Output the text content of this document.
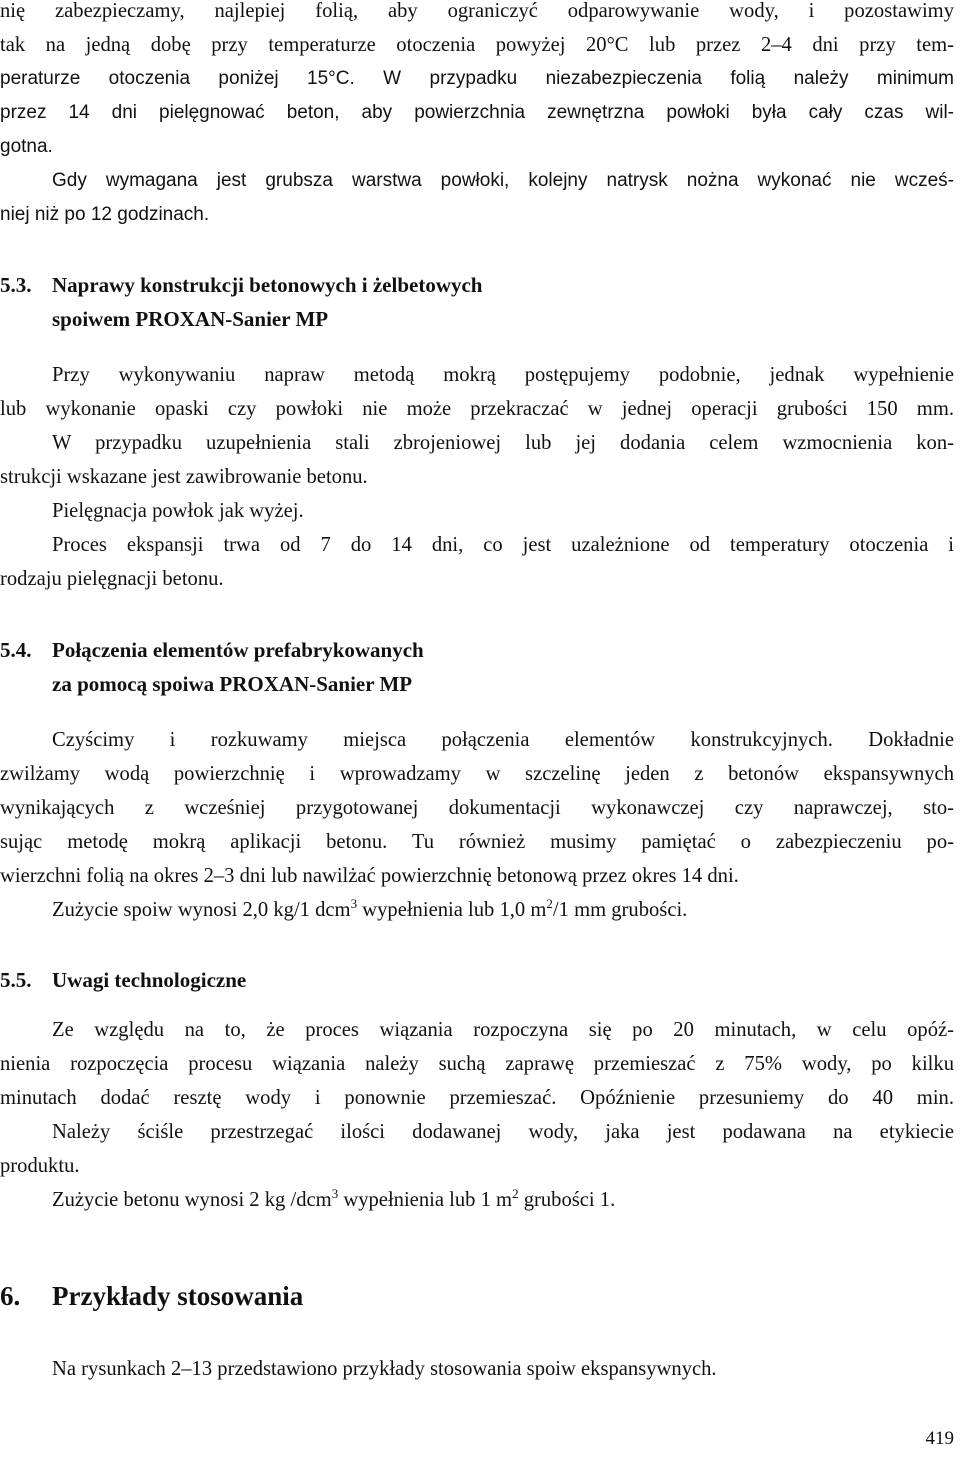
nię zabezpieczamy, najlepiej folią, aby ograniczyć odparowywanie wody, i pozostawimy
tak na jedną dobę przy temperaturze otoczenia powyżej 20°C lub przez 2–4 dni przy tem-
peraturze otoczenia poniżej 15°C. W przypadku niezabezpieczenia folią należy minimum
przez 14 dni pielęgnować beton, aby powierzchnia zewnętrzna powłoki była cały czas wil-
gotna.
Gdy wymagana jest grubsza warstwa powłoki, kolejny natrysk nożna wykonać nie wcześ-
niej niż po 12 godzinach.
5.3. Naprawy konstrukcji betonowych i żelbetowych
spoiwem PROXAN-Sanier MP
Przy wykonywaniu napraw metodą mokrą postępujemy podobnie, jednak wypełnienie
lub wykonanie opaski czy powłoki nie może przekraczać w jednej operacji grubości 150 mm.
W przypadku uzupełnienia stali zbrojeniowej lub jej dodania celem wzmocnienia kon-
strukcji wskazane jest zawibrowanie betonu.
Pielęgnacja powłok jak wyżej.
Proces ekspansji trwa od 7 do 14 dni, co jest uzależnione od temperatury otoczenia i
rodzaju pielęgnacji betonu.
5.4. Połączenia elementów prefabrykowanych
za pomocą spoiwa PROXAN-Sanier MP
Czyścimy i rozkuwamy miejsca połączenia elementów konstrukcyjnych. Dokładnie
zwilżamy wodą powierzchnię i wprowadzamy w szczelinę jeden z betonów ekspansywnych
wynikających z wcześniej przygotowanej dokumentacji wykonawczej czy naprawczej, sto-
sując metodę mokrą aplikacji betonu. Tu również musimy pamiętać o zabezpieczeniu po-
wierzchni folią na okres 2–3 dni lub nawilżać powierzchnię betonową przez okres 14 dni.
Zużycie spoiw wynosi 2,0 kg/1 dcm$^3$ wypełnienia lub 1,0 $m^2/1$ mm grubości.
5.5. Uwagi technologiczne
Ze względu na to, że proces wiązania rozpoczyna się po 20 minutach, w celu opóź-
nienia rozpoczęcia procesu wiązania należy suchą zaprawę przemieszać z 75% wody, po kilku
minutach dodać resztę wody i ponownie przemieszać. Opóźnienie przesuniemy do 40 min.
Należy ściśle przestrzegać ilości dodawanej wody, jaka jest podawana na etykiecie
produktu.
Zużycie betonu wynosi 2 kg /dcm$^3$ wypełnienia lub 1 $m^2$ grubości 1.
6. Przykłady stosowania
Na rysunkach 2–13 przedstawiono przykłady stosowania spoiw ekspansywnych.
419
